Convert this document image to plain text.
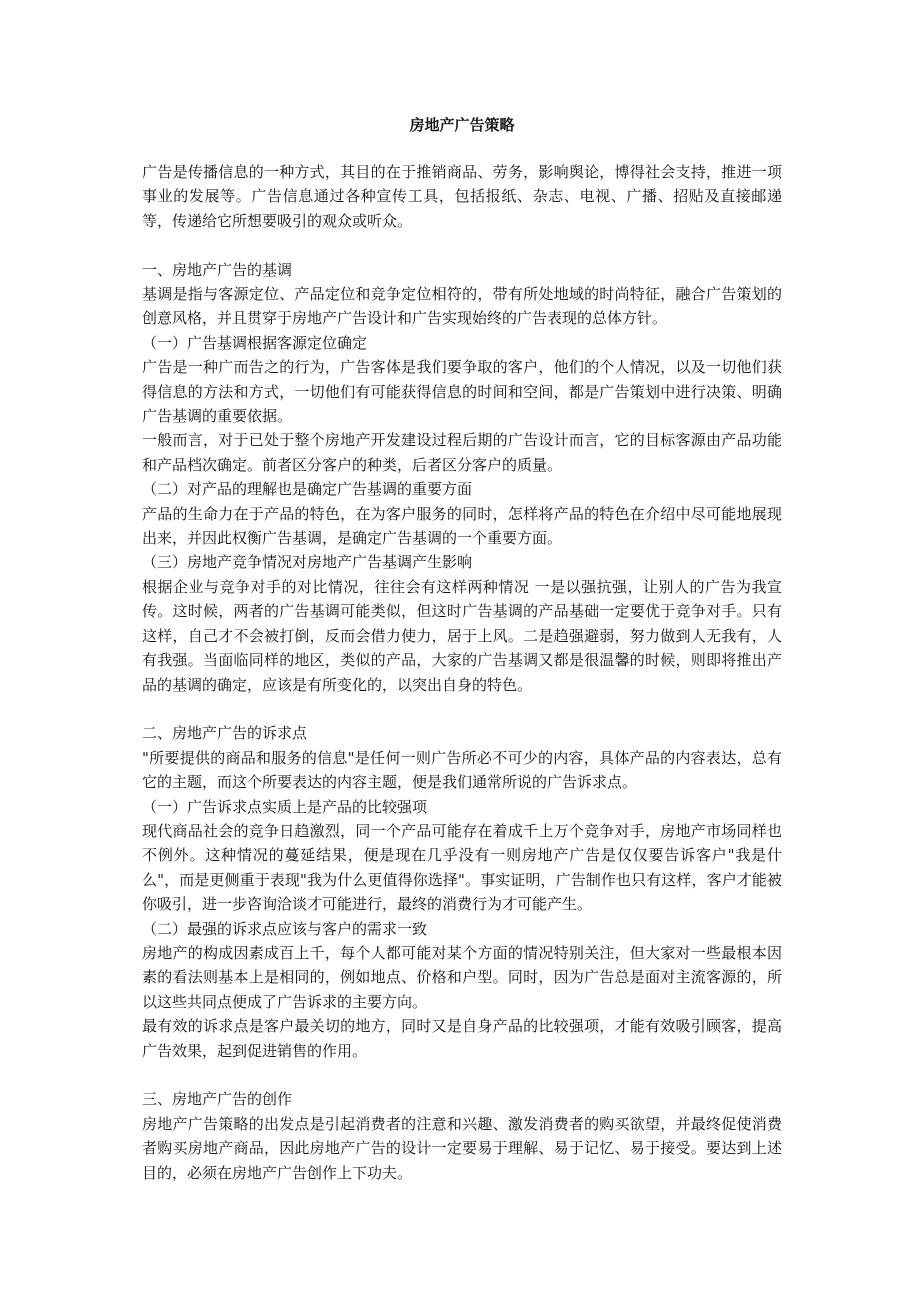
房地产广告策略

广告是传播信息的一种方式，其目的在于推销商品、劳务，影响舆论，博得社会支持，推进一项事业的发展等。广告信息通过各种宣传工具，包括报纸、杂志、电视、广播、招贴及直接邮递等，传递给它所想要吸引的观众或听众。

一、房地产广告的基调

基调是指与客源定位、产品定位和竞争定位相符的，带有所处地域的时尚特征，融合广告策划的创意风格，并且贯穿于房地产广告设计和广告实现始终的广告表现的总体方针。

（一）广告基调根据客源定位确定

广告是一种广而告之的行为，广告客体是我们要争取的客户，他们的个人情况，以及一切他们获得信息的方法和方式，一切他们有可能获得信息的时间和空间，都是广告策划中进行决策、明确广告基调的重要依据。

一般而言，对于已处于整个房地产开发建设过程后期的广告设计而言，它的目标客源由产品功能和产品档次确定。前者区分客户的种类，后者区分客户的质量。

（二）对产品的理解也是确定广告基调的重要方面

产品的生命力在于产品的特色，在为客户服务的同时，怎样将产品的特色在介绍中尽可能地展现出来，并因此权衡广告基调，是确定广告基调的一个重要方面。

（三）房地产竞争情况对房地产广告基调产生影响

根据企业与竞争对手的对比情况，往往会有这样两种情况 一是以强抗强，让别人的广告为我宣传。这时候，两者的广告基调可能类似，但这时广告基调的产品基础一定要优于竞争对手。只有这样，自己才不会被打倒，反而会借力使力，居于上风。二是趋强避弱，努力做到人无我有，人有我强。当面临同样的地区，类似的产品，大家的广告基调又都是很温馨的时候，则即将推出产品的基调的确定，应该是有所变化的，以突出自身的特色。

二、房地产广告的诉求点

"所要提供的商品和服务的信息"是任何一则广告所必不可少的内容，具体产品的内容表达，总有它的主题，而这个所要表达的内容主题，便是我们通常所说的广告诉求点。

（一）广告诉求点实质上是产品的比较强项

现代商品社会的竞争日趋激烈，同一个产品可能存在着成千上万个竞争对手，房地产市场同样也不例外。这种情况的蔓延结果，便是现在几乎没有一则房地产广告是仅仅要告诉客户"我是什么"，而是更侧重于表现"我为什么更值得你选择"。事实证明，广告制作也只有这样，客户才能被你吸引，进一步咨询洽谈才可能进行，最终的消费行为才可能产生。

（二）最强的诉求点应该与客户的需求一致

房地产的构成因素成百上千，每个人都可能对某个方面的情况特别关注，但大家对一些最根本因素的看法则基本上是相同的，例如地点、价格和户型。同时，因为广告总是面对主流客源的，所以这些共同点便成了广告诉求的主要方向。

最有效的诉求点是客户最关切的地方，同时又是自身产品的比较强项，才能有效吸引顾客，提高广告效果，起到促进销售的作用。

三、房地产广告的创作

房地产广告策略的出发点是引起消费者的注意和兴趣、激发消费者的购买欲望，并最终促使消费者购买房地产商品，因此房地产广告的设计一定要易于理解、易于记忆、易于接受。要达到上述目的，必须在房地产广告创作上下功夫。
